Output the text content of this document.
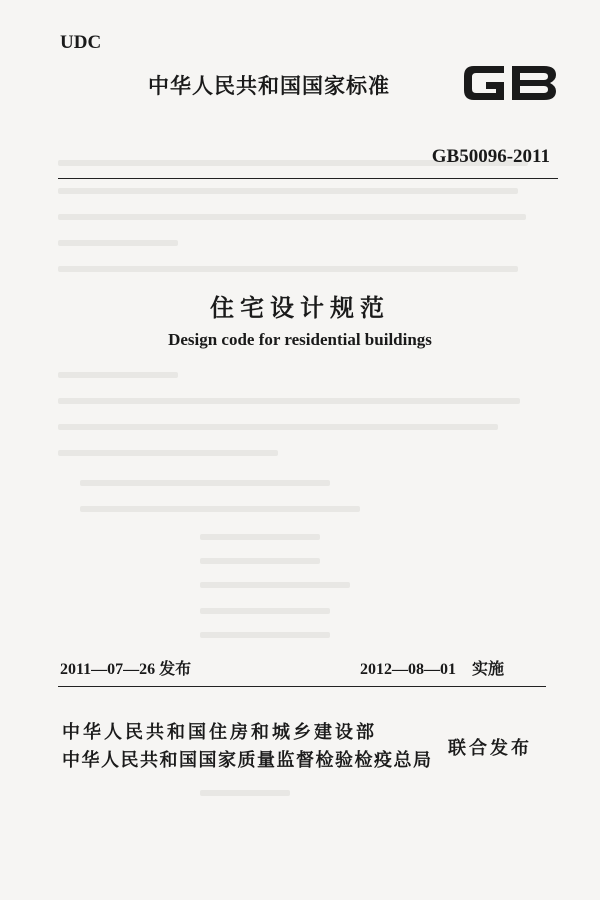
UDC
中华人民共和国国家标准
GB50096-2011
住宅设计规范
Design code for residential buildings
2011—07—26 发布	2012—08—01　实施
中华人民共和国住房和城乡建设部
中华人民共和国国家质量监督检验检疫总局
联合发布
